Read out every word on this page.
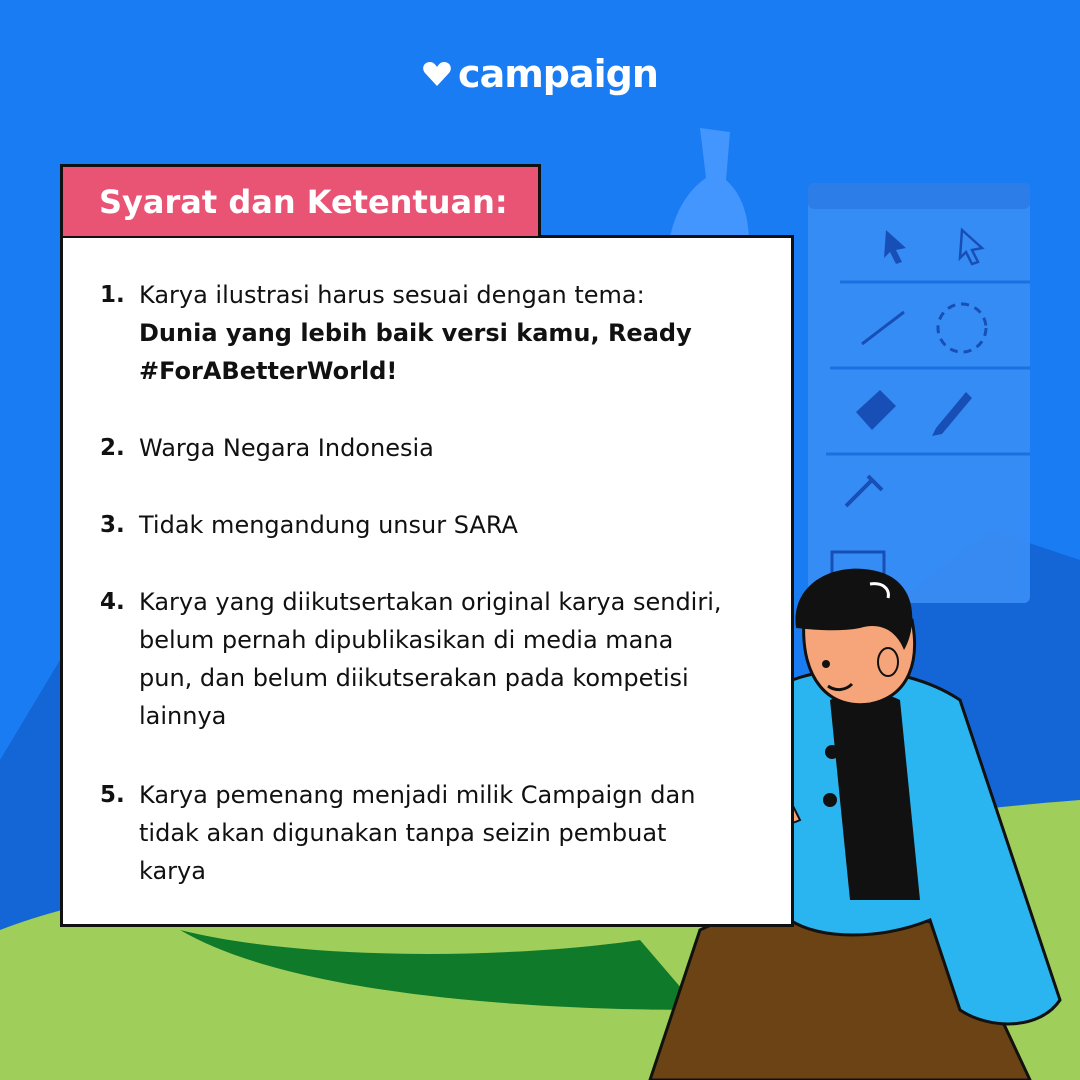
campaign
Syarat dan Ketentuan:
1. Karya ilustrasi harus sesuai dengan tema:
Dunia yang lebih baik versi kamu, Ready #ForABetterWorld!
2. Warga Negara Indonesia
3. Tidak mengandung unsur SARA
4. Karya yang diikutsertakan original karya sendiri, belum pernah dipublikasikan di media mana pun, dan belum diikutserakan pada kompetisi lainnya
5. Karya pemenang menjadi milik Campaign dan tidak akan digunakan tanpa seizin pembuat karya
